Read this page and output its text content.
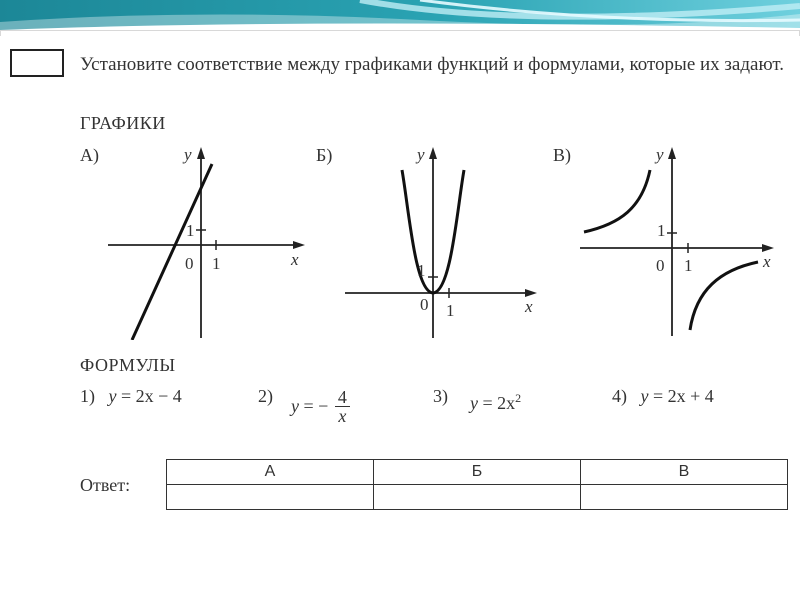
Установите соответствие между графиками функций и формулами, которые их задают.
ГРАФИКИ
А)	Б)	В)
1
0 1	x
y
1
0 1	x
y
1
0 1	x
y
ФОРМУЛЫ
1) y = 2x − 4	2) y = − $\frac{4}{x}$	3) $y = 2x^2$	4) y = 2x + 4
Ответ:
А	Б	В
